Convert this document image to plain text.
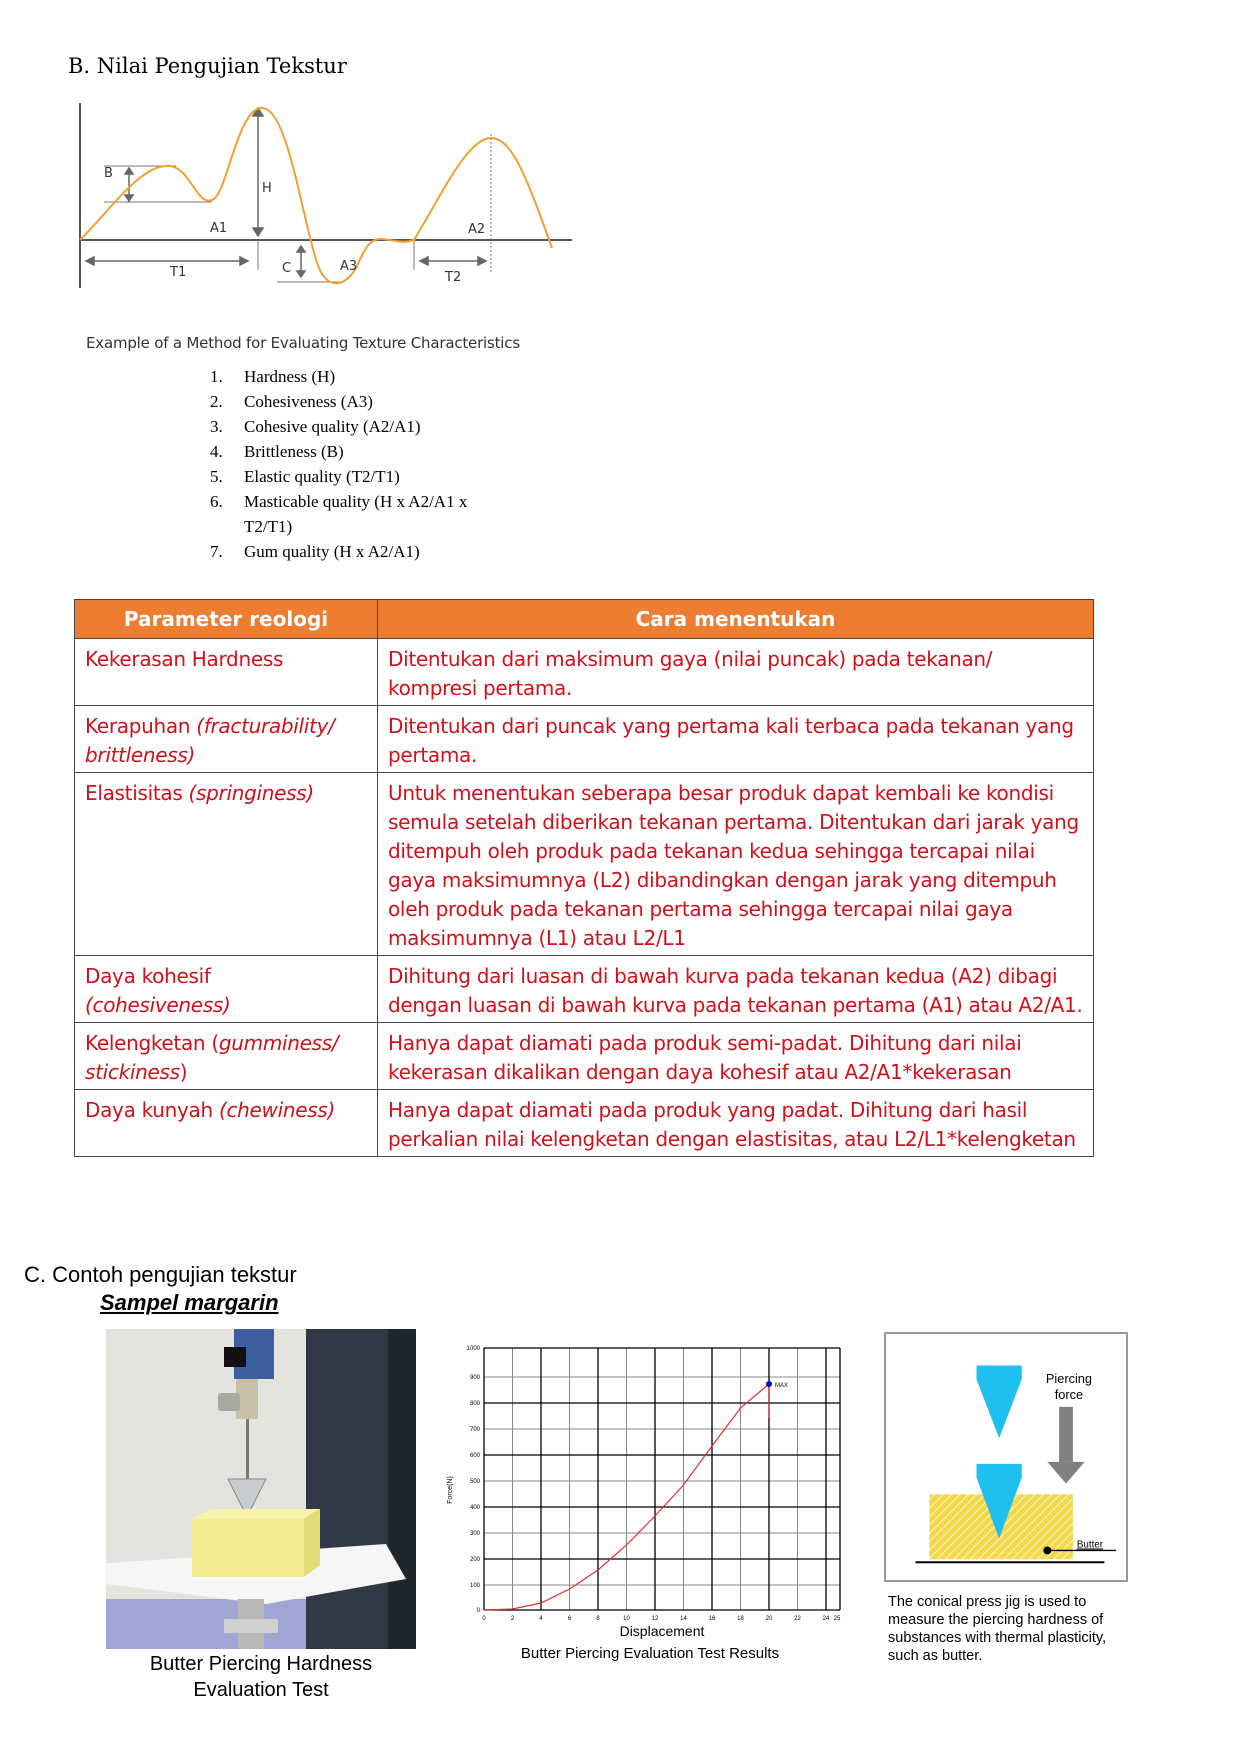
B. Nilai Pengujian Tekstur
B
H
A1	A2
A3
C
T1	T2
Example of a Method for Evaluating Texture Characteristics
1.	Hardness (H)
2.	Cohesiveness (A3)
3.	Cohesive quality (A2/A1)
4.	Brittleness (B)
5.	Elastic quality (T2/T1)
6.	Masticable quality (H x A2/A1 x T2/T1)
7.	Gum quality (H x A2/A1)
Parameter reologi	Cara menentukan
Kekerasan Hardness	Ditentukan dari maksimum gaya (nilai puncak) pada tekanan/ kompresi pertama.
Kerapuhan (fracturability/ brittleness)	Ditentukan dari puncak yang pertama kali terbaca pada tekanan yang pertama.
Elastisitas (springiness)	Untuk menentukan seberapa besar produk dapat kembali ke kondisi semula setelah diberikan tekanan pertama. Ditentukan dari jarak yang ditempuh oleh produk pada tekanan kedua sehingga tercapai nilai gaya maksimumnya (L2) dibandingkan dengan jarak yang ditempuh oleh produk pada tekanan pertama sehingga tercapai nilai gaya maksimumnya (L1) atau L2/L1
Daya kohesif
(cohesiveness)	Dihitung dari luasan di bawah kurva pada tekanan kedua (A2) dibagi dengan luasan di bawah kurva pada tekanan pertama (A1) atau A2/A1.
Kelengketan (gumminess/ stickiness)	Hanya dapat diamati pada produk semi-padat. Dihitung dari nilai kekerasan dikalikan dengan daya kohesif atau A2/A1*kekerasan
Daya kunyah (chewiness)	Hanya dapat diamati pada produk yang padat. Dihitung dari hasil perkalian nilai kelengketan dengan elastisitas, atau L2/L1*kelengketan
C. Contoh pengujian tekstur
Sampel margarin
Butter Piercing Hardness Evaluation Test
MAX
1000
900
800
700
600
500
400
300
200
100
0
0	2	4	6	8	10	12	14	16	18	20	22	24 25
Force(N)
Displacement
Butter Piercing Evaluation Test Results
Butter
Piercing force
The conical press jig is used to measure the piercing hardness of substances with thermal plasticity, such as butter.
